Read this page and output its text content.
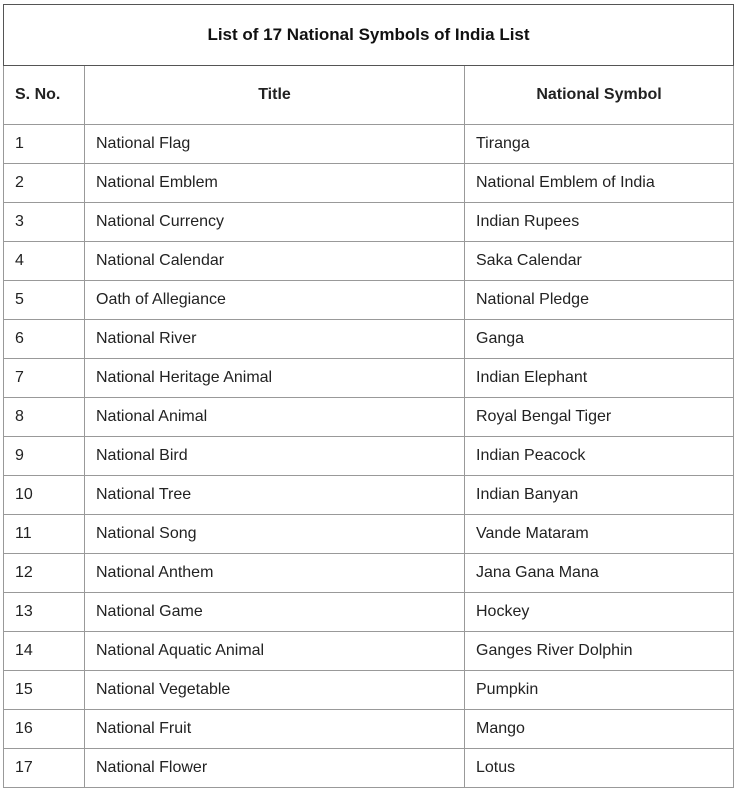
List of 17 National Symbols of India List		
S. No.	Title	National Symbol
1	National Flag	Tiranga
2	National Emblem	National Emblem of India
3	National Currency	Indian Rupees
4	National Calendar	Saka Calendar
5	Oath of Allegiance	National Pledge
6	National River	Ganga
7	National Heritage Animal	Indian Elephant
8	National Animal	Royal Bengal Tiger
9	National Bird	Indian Peacock
10	National Tree	Indian Banyan
11	National Song	Vande Mataram
12	National Anthem	Jana Gana Mana
13	National Game	Hockey
14	National Aquatic Animal	Ganges River Dolphin
15	National Vegetable	Pumpkin
16	National Fruit	Mango
17	National Flower	Lotus
